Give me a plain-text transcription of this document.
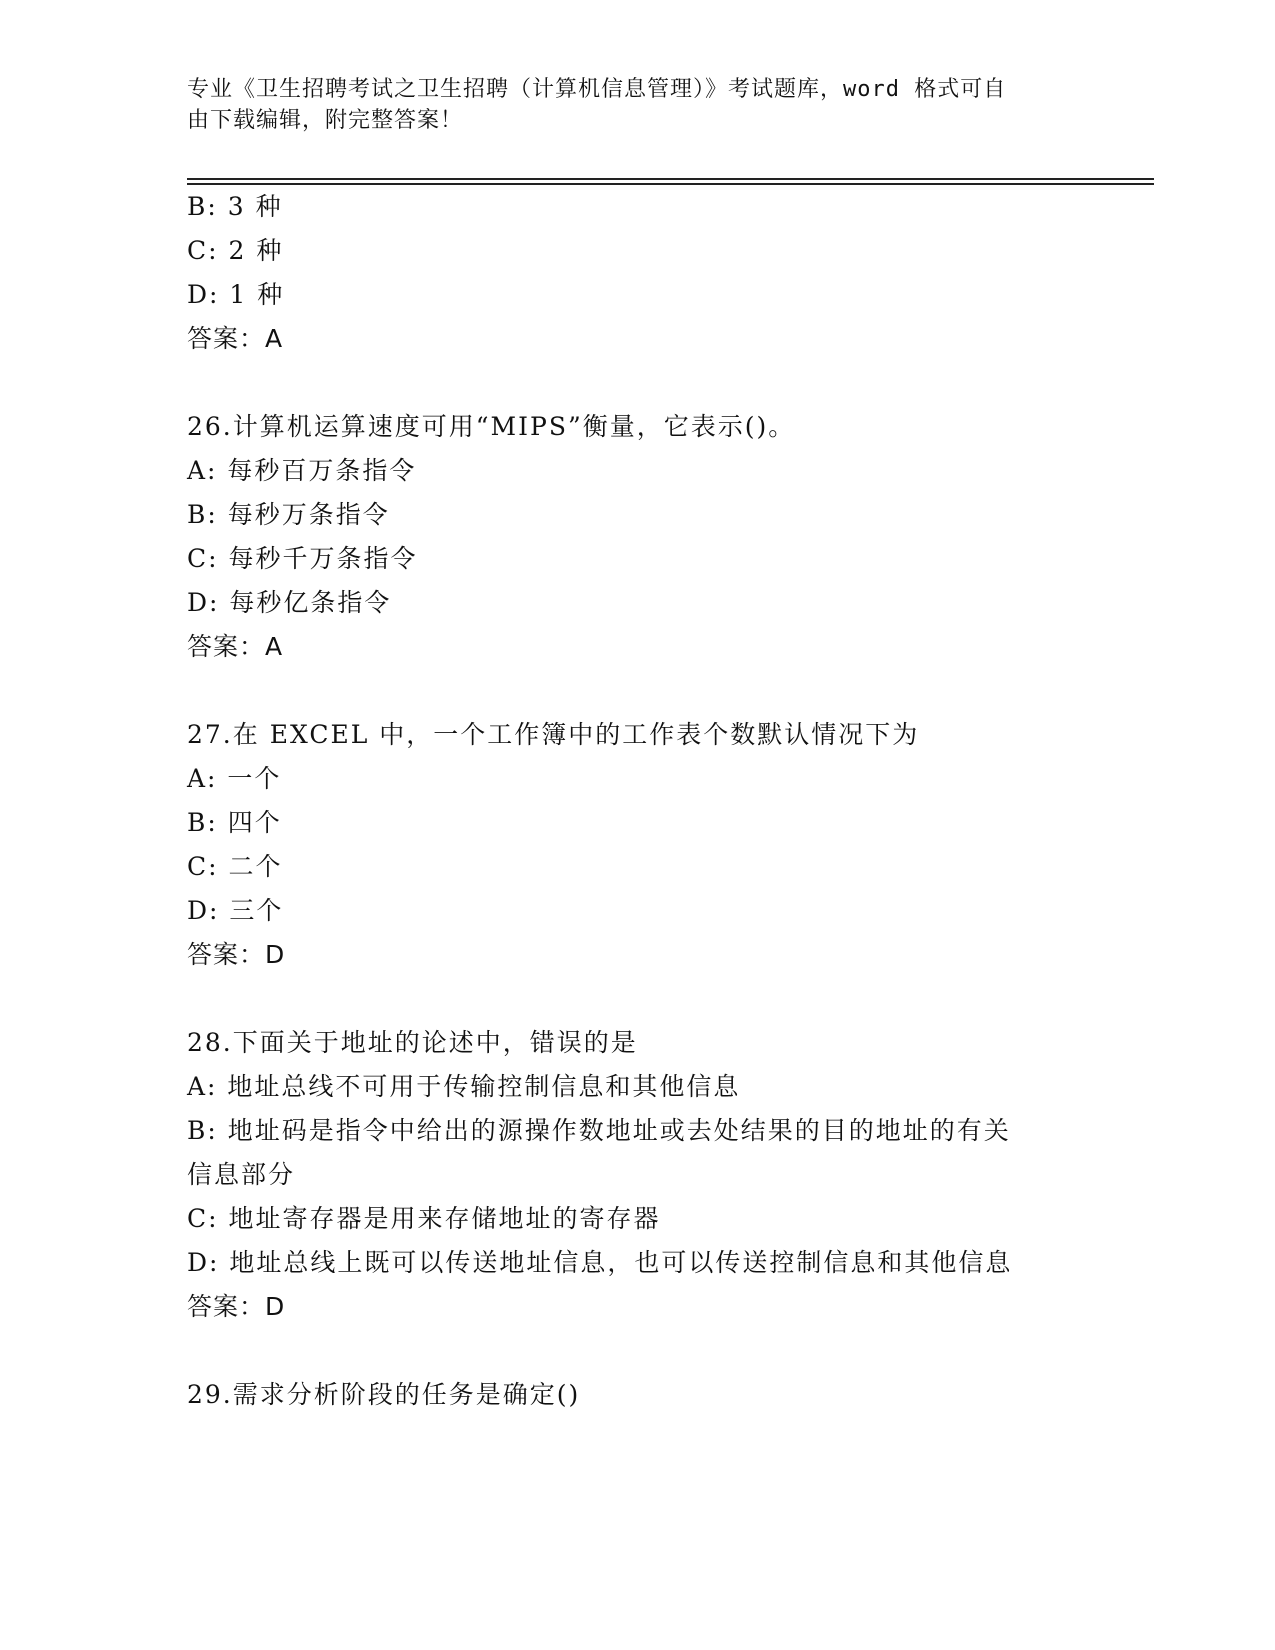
专业《卫生招聘考试之卫生招聘（计算机信息管理）》考试题库，word 格式可自
由下载编辑，附完整答案！
B: 3 种
C: 2 种
D: 1 种
答案：A
26.计算机运算速度可用“MIPS”衡量，它表示()。
A: 每秒百万条指令
B: 每秒万条指令
C: 每秒千万条指令
D: 每秒亿条指令
答案：A
27.在 EXCEL 中，一个工作簿中的工作表个数默认情况下为
A: 一个
B: 四个
C: 二个
D: 三个
答案：D
28.下面关于地址的论述中，错误的是
A: 地址总线不可用于传输控制信息和其他信息
B: 地址码是指令中给出的源操作数地址或去处结果的目的地址的有关
信息部分
C: 地址寄存器是用来存储地址的寄存器
D: 地址总线上既可以传送地址信息，也可以传送控制信息和其他信息
答案：D
29.需求分析阶段的任务是确定()
